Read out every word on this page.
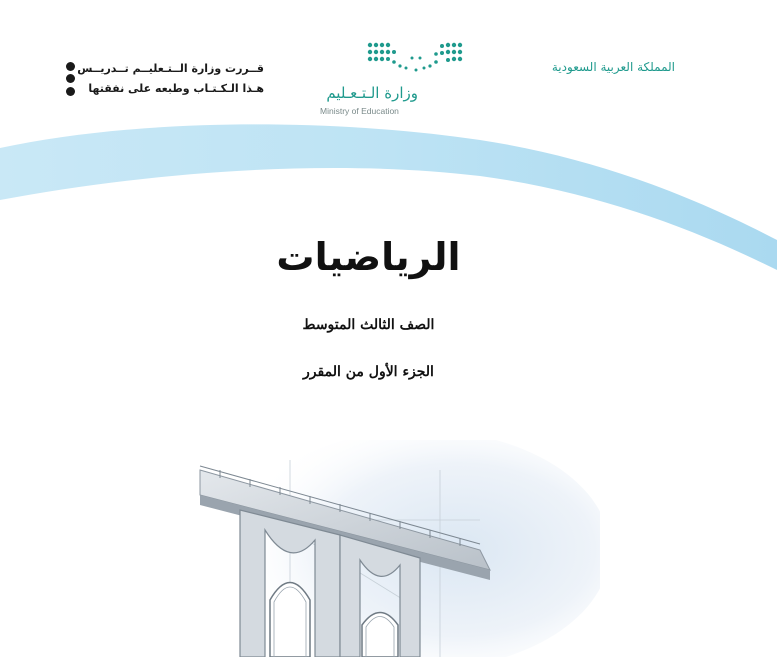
قــررت وزارة الــتـعليــم تــدريــس
هـذا الـكـتـاب وطبعه على نفقتها	وزارة الـتـعـليم
Ministry of Education
المملكة العربية السعودية
الرياضيات
الصف الثالث المتوسط
الجزء الأول من المقرر
